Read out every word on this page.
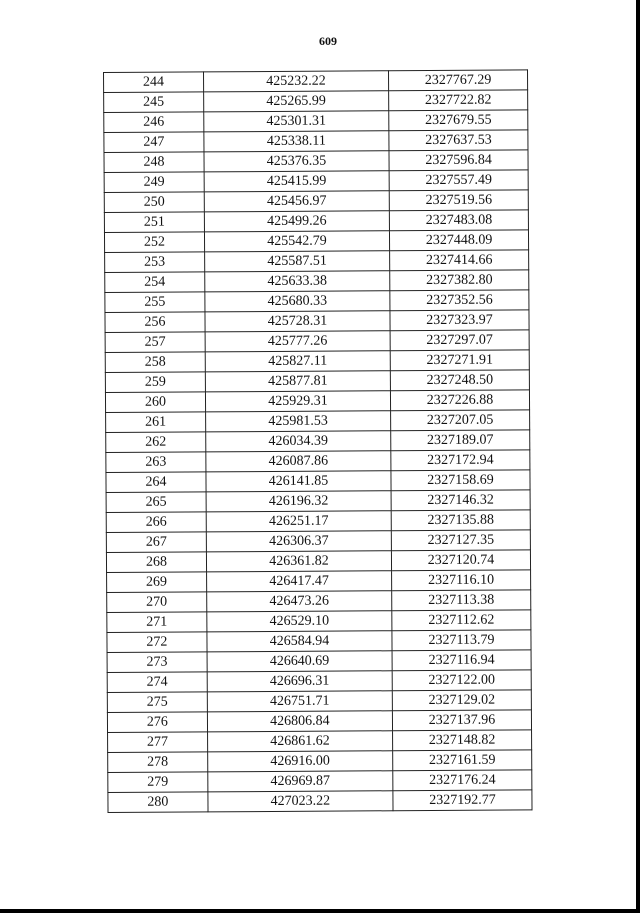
609
244	425232.22	2327767.29
245	425265.99	2327722.82
246	425301.31	2327679.55
247	425338.11	2327637.53
248	425376.35	2327596.84
249	425415.99	2327557.49
250	425456.97	2327519.56
251	425499.26	2327483.08
252	425542.79	2327448.09
253	425587.51	2327414.66
254	425633.38	2327382.80
255	425680.33	2327352.56
256	425728.31	2327323.97
257	425777.26	2327297.07
258	425827.11	2327271.91
259	425877.81	2327248.50
260	425929.31	2327226.88
261	425981.53	2327207.05
262	426034.39	2327189.07
263	426087.86	2327172.94
264	426141.85	2327158.69
265	426196.32	2327146.32
266	426251.17	2327135.88
267	426306.37	2327127.35
268	426361.82	2327120.74
269	426417.47	2327116.10
270	426473.26	2327113.38
271	426529.10	2327112.62
272	426584.94	2327113.79
273	426640.69	2327116.94
274	426696.31	2327122.00
275	426751.71	2327129.02
276	426806.84	2327137.96
277	426861.62	2327148.82
278	426916.00	2327161.59
279	426969.87	2327176.24
280	427023.22	2327192.77
